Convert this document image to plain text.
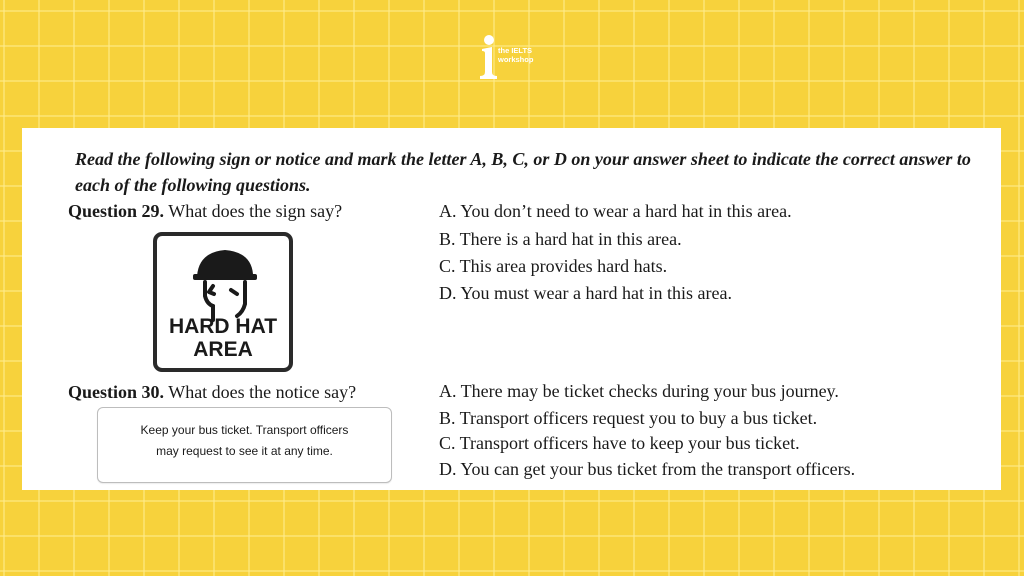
the IELTS
workshop
Read the following sign or notice and mark the letter A, B, C, or D on your answer sheet to indicate the correct answer to each of the following questions.
Question 29. What does the sign say?
HARD HAT
AREA
A. You don’t need to wear a hard hat in this area.
B. There is a hard hat in this area.
C. This area provides hard hats.
D. You must wear a hard hat in this area.
Question 30. What does the notice say?
Keep your bus ticket. Transport officers
may request to see it at any time.
A. There may be ticket checks during your bus journey.
B. Transport officers request you to buy a bus ticket.
C. Transport officers have to keep your bus ticket.
D. You can get your bus ticket from the transport officers.
